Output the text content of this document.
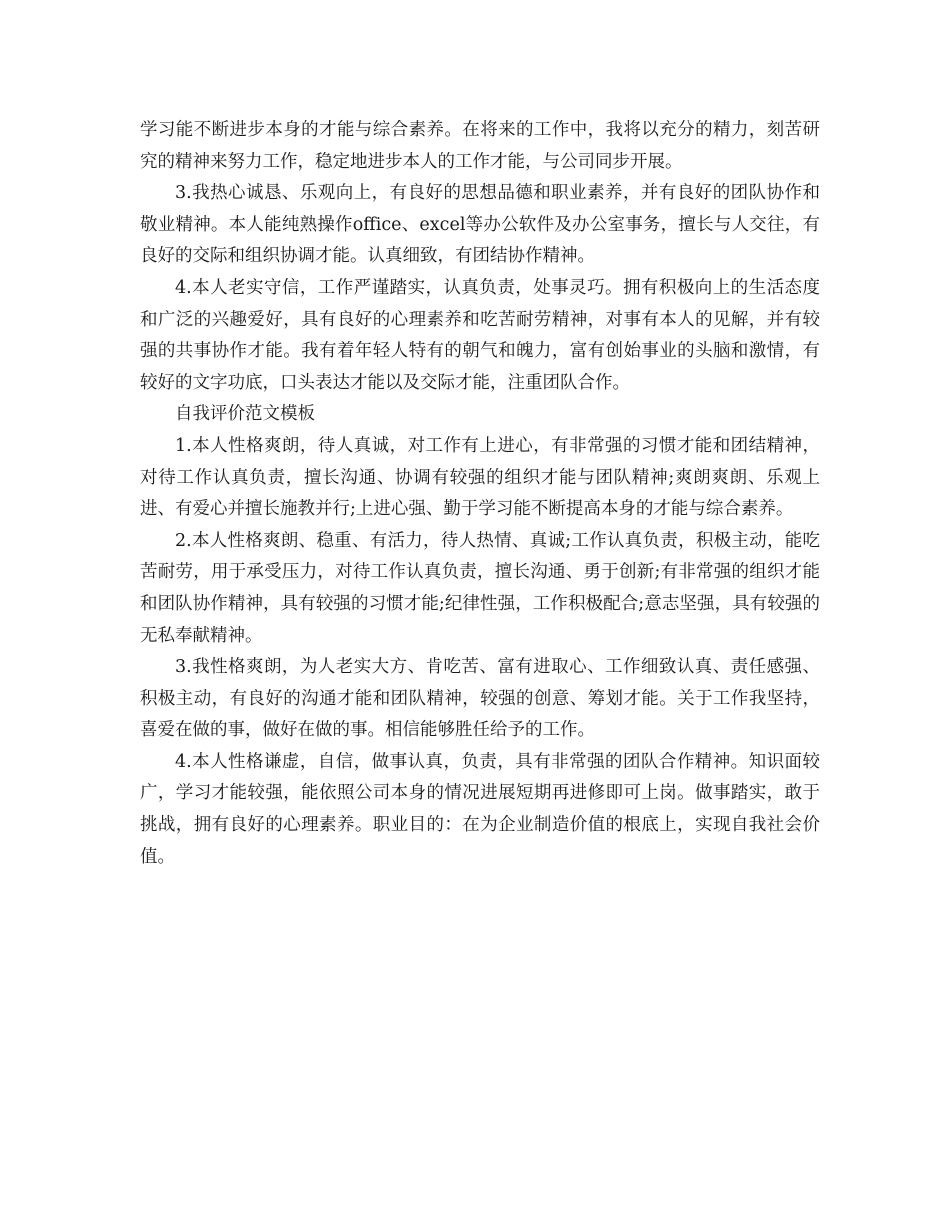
学习能不断进步本身的才能与综合素养。在将来的工作中，我将以充分的精力，刻苦研究的精神来努力工作，稳定地进步本人的工作才能，与公司同步开展。

3.我热心诚恳、乐观向上，有良好的思想品德和职业素养，并有良好的团队协作和敬业精神。本人能纯熟操作office、excel等办公软件及办公室事务，擅长与人交往，有良好的交际和组织协调才能。认真细致，有团结协作精神。

4.本人老实守信，工作严谨踏实，认真负责，处事灵巧。拥有积极向上的生活态度和广泛的兴趣爱好，具有良好的心理素养和吃苦耐劳精神，对事有本人的见解，并有较强的共事协作才能。我有着年轻人特有的朝气和魄力，富有创始事业的头脑和激情，有较好的文字功底，口头表达才能以及交际才能，注重团队合作。

自我评价范文模板

1.本人性格爽朗，待人真诚，对工作有上进心，有非常强的习惯才能和团结精神，对待工作认真负责，擅长沟通、协调有较强的组织才能与团队精神;爽朗爽朗、乐观上进、有爱心并擅长施教并行;上进心强、勤于学习能不断提高本身的才能与综合素养。

2.本人性格爽朗、稳重、有活力，待人热情、真诚;工作认真负责，积极主动，能吃苦耐劳，用于承受压力，对待工作认真负责，擅长沟通、勇于创新;有非常强的组织才能和团队协作精神，具有较强的习惯才能;纪律性强，工作积极配合;意志坚强，具有较强的无私奉献精神。

3.我性格爽朗，为人老实大方、肯吃苦、富有进取心、工作细致认真、责任感强、积极主动，有良好的沟通才能和团队精神，较强的创意、筹划才能。关于工作我坚持，喜爱在做的事，做好在做的事。相信能够胜任给予的工作。

4.本人性格谦虚，自信，做事认真，负责，具有非常强的团队合作精神。知识面较广，学习才能较强，能依照公司本身的情况进展短期再进修即可上岗。做事踏实，敢于挑战，拥有良好的心理素养。职业目的：在为企业制造价值的根底上，实现自我社会价值。
